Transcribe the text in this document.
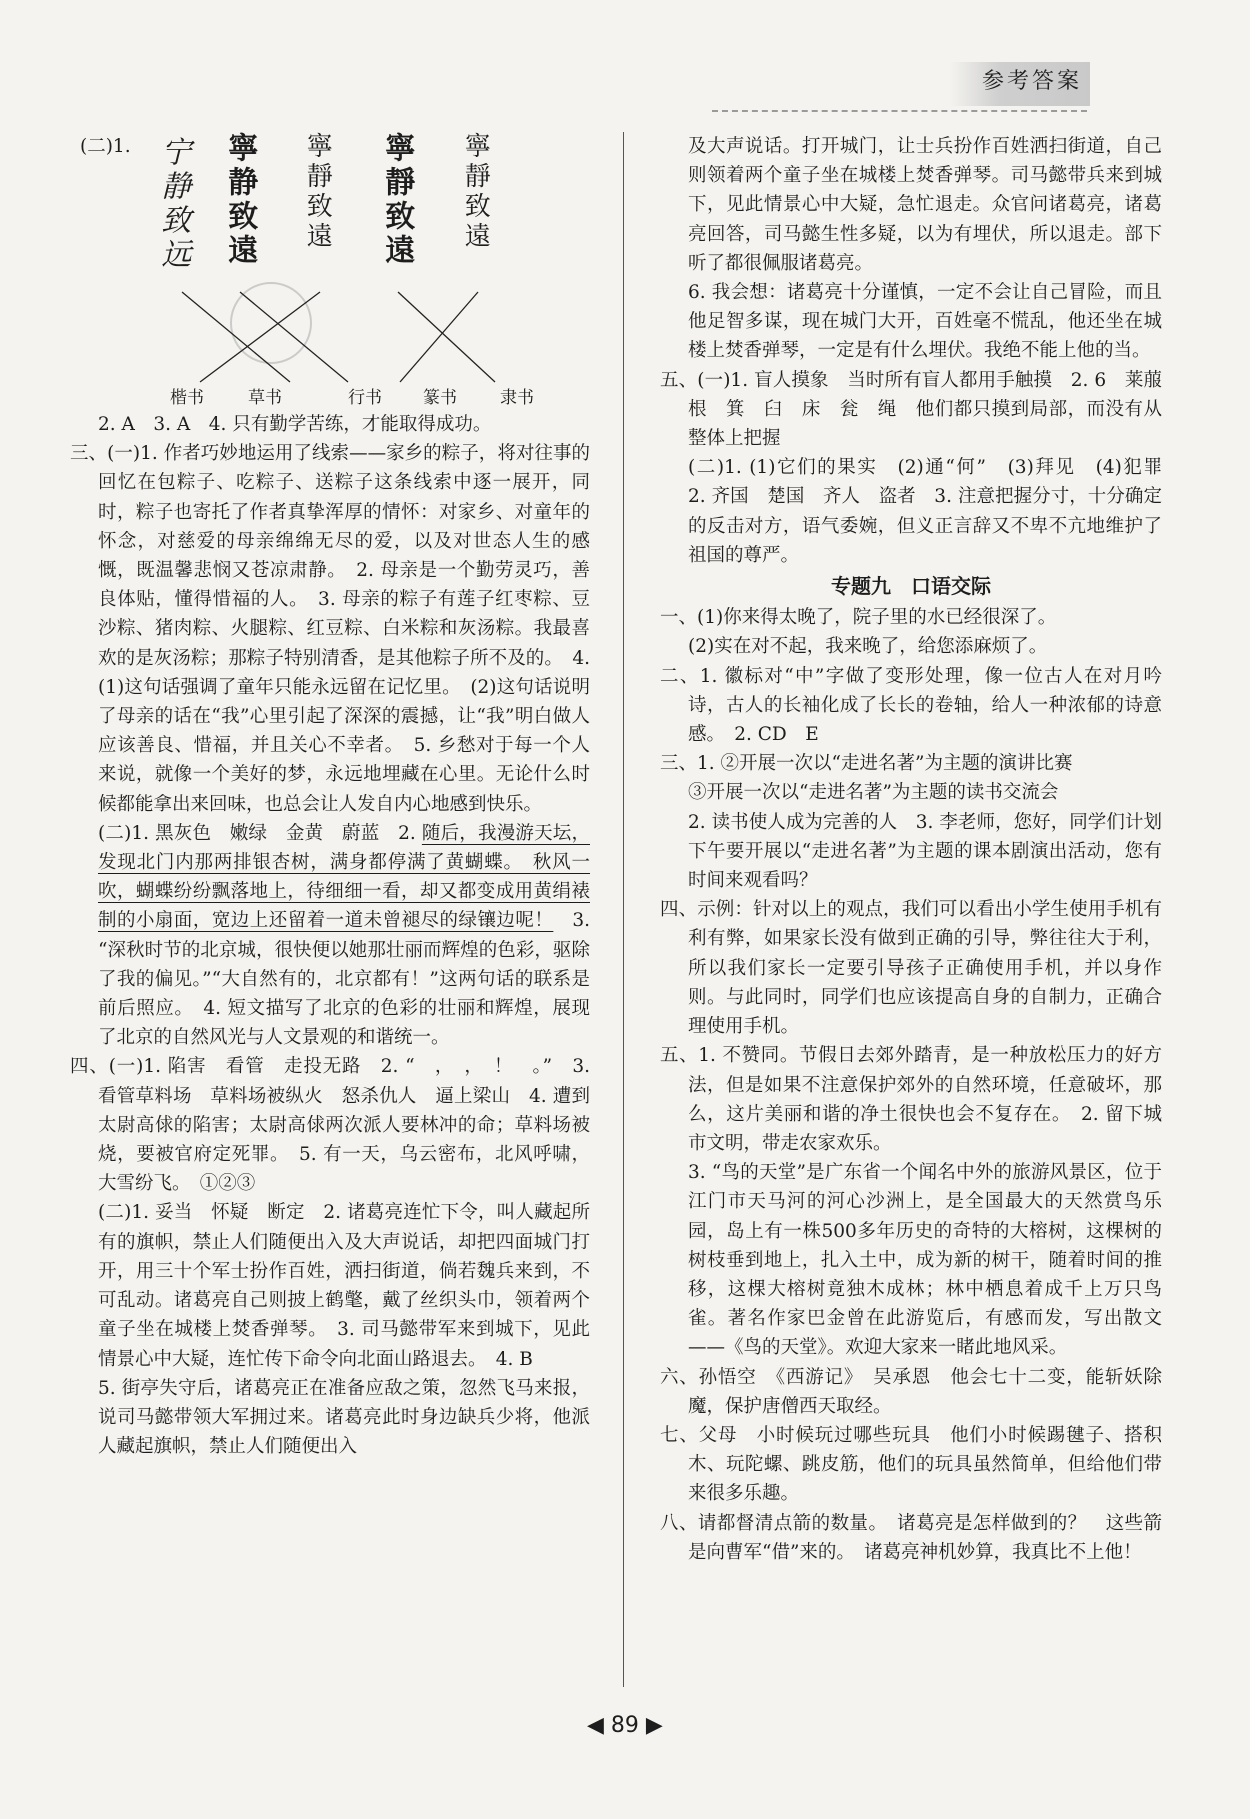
参考答案
(二)1. 宁静致远 寧静致遠 寧靜致遠 寧靜致遠 寧靜致遠
楷书	草书	行书 篆书	隶书

2. A　3. A　4. 只有勤学苦练，才能取得成功。

三、(一)1. 作者巧妙地运用了线索——家乡的粽子，将对往事的回忆在包粽子、吃粽子、送粽子这条线索中逐一展开，同时，粽子也寄托了作者真挚浑厚的情怀：对家乡、对童年的怀念，对慈爱的母亲绵绵无尽的爱，以及对世态人生的感慨，既温馨悲悯又苍凉肃静。　2. 母亲是一个勤劳灵巧，善良体贴，懂得惜福的人。　3. 母亲的粽子有莲子红枣粽、豆沙粽、猪肉粽、火腿粽、红豆粽、白米粽和灰汤粽。我最喜欢的是灰汤粽；那粽子特别清香，是其他粽子所不及的。　4. (1)这句话强调了童年只能永远留在记忆里。　(2)这句话说明了母亲的话在“我”心里引起了深深的震撼，让“我”明白做人应该善良、惜福，并且关心不幸者。　5. 乡愁对于每一个人来说，就像一个美好的梦，永远地埋藏在心里。无论什么时候都能拿出来回味，也总会让人发自内心地感到快乐。

(二)1. 黑灰色　嫩绿　金黄　蔚蓝　2. 随后，我漫游天坛，发现北门内那两排银杏树，满身都停满了黄蝴蝶。　秋风一吹，蝴蝶纷纷飘落地上，待细细一看，却又都变成用黄绢裱制的小扇面，宽边上还留着一道未曾褪尽的绿镶边呢！　3. “深秋时节的北京城，很快便以她那壮丽而辉煌的色彩，驱除了我的偏见。”“大自然有的，北京都有！”这两句话的联系是前后照应。　4. 短文描写了北京的色彩的壮丽和辉煌，展现了北京的自然风光与人文景观的和谐统一。

四、(一)1. 陷害　看管　走投无路　2. “　，　，　！　。”　3. 看管草料场　草料场被纵火　怒杀仇人　逼上梁山　4. 遭到太尉高俅的陷害；太尉高俅两次派人要林冲的命；草料场被烧，要被官府定死罪。　5. 有一天，乌云密布，北风呼啸，大雪纷飞。　①②③

(二)1. 妥当　怀疑　断定　2. 诸葛亮连忙下令，叫人藏起所有的旗帜，禁止人们随便出入及大声说话，却把四面城门打开，用三十个军士扮作百姓，洒扫街道，倘若魏兵来到，不可乱动。诸葛亮自己则披上鹤氅，戴了丝织头巾，领着两个童子坐在城楼上焚香弹琴。　3. 司马懿带军来到城下，见此情景心中大疑，连忙传下命令向北面山路退去。　4. B

5. 街亭失守后，诸葛亮正在准备应敌之策，忽然飞马来报，说司马懿带领大军拥过来。诸葛亮此时身边缺兵少将，他派人藏起旗帜，禁止人们随便出入

及大声说话。打开城门，让士兵扮作百姓洒扫街道，自己则领着两个童子坐在城楼上焚香弹琴。司马懿带兵来到城下，见此情景心中大疑，急忙退走。众官问诸葛亮，诸葛亮回答，司马懿生性多疑，以为有埋伏，所以退走。部下听了都很佩服诸葛亮。

6. 我会想：诸葛亮十分谨慎，一定不会让自己冒险，而且他足智多谋，现在城门大开，百姓毫不慌乱，他还坐在城楼上焚香弹琴，一定是有什么埋伏。我绝不能上他的当。

五、(一)1. 盲人摸象　当时所有盲人都用手触摸　2. 6　莱菔根　箕　臼　床　瓮　绳　他们都只摸到局部，而没有从整体上把握

(二)1. (1)它们的果实　(2)通“何”　(3)拜见　(4)犯罪　2. 齐国　楚国　齐人　盗者　3. 注意把握分寸，十分确定的反击对方，语气委婉，但义正言辞又不卑不亢地维护了祖国的尊严。

专题九　口语交际

一、(1)你来得太晚了，院子里的水已经很深了。

(2)实在对不起，我来晚了，给您添麻烦了。

二、1. 徽标对“中”字做了变形处理，像一位古人在对月吟诗，古人的长袖化成了长长的卷轴，给人一种浓郁的诗意感。　2. CD　E

三、1. ②开展一次以“走进名著”为主题的演讲比赛

③开展一次以“走进名著”为主题的读书交流会

2. 读书使人成为完善的人　3. 李老师，您好，同学们计划下午要开展以“走进名著”为主题的课本剧演出活动，您有时间来观看吗？

四、示例：针对以上的观点，我们可以看出小学生使用手机有利有弊，如果家长没有做到正确的引导，弊往往大于利，所以我们家长一定要引导孩子正确使用手机，并以身作则。与此同时，同学们也应该提高自身的自制力，正确合理使用手机。

五、1. 不赞同。节假日去郊外踏青，是一种放松压力的好方法，但是如果不注意保护郊外的自然环境，任意破坏，那么，这片美丽和谐的净土很快也会不复存在。　2. 留下城市文明，带走农家欢乐。

3. “鸟的天堂”是广东省一个闻名中外的旅游风景区，位于江门市天马河的河心沙洲上，是全国最大的天然赏鸟乐园，岛上有一株500多年历史的奇特的大榕树，这棵树的树枝垂到地上，扎入土中，成为新的树干，随着时间的推移，这棵大榕树竟独木成林；林中栖息着成千上万只鸟雀。著名作家巴金曾在此游览后，有感而发，写出散文——《鸟的天堂》。欢迎大家来一睹此地风采。

六、孙悟空　《西游记》　吴承恩　他会七十二变，能斩妖除魔，保护唐僧西天取经。

七、父母　小时候玩过哪些玩具　他们小时候踢毽子、搭积木、玩陀螺、跳皮筋，他们的玩具虽然简单，但给他们带来很多乐趣。

八、请都督清点箭的数量。　诸葛亮是怎样做到的？　这些箭是向曹军“借”来的。　诸葛亮神机妙算，我真比不上他！

◀ 89 ▶
